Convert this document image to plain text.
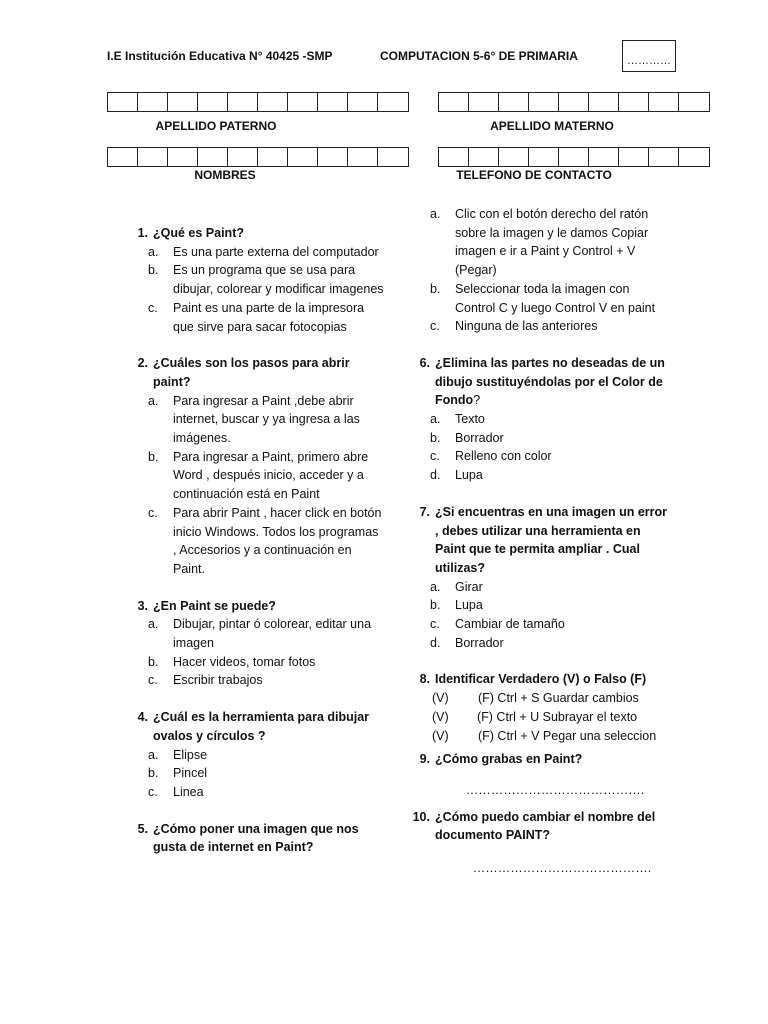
I.E Institución Educativa N° 40425 -SMP	COMPUTACION 5-6° DE PRIMARIA	…………
APELLIDO PATERNO	APELLIDO MATERNO
NOMBRES	TELEFONO DE CONTACTO
1. ¿Qué es Paint?
a. Es una parte externa del computador
b. Es un programa que se usa para dibujar, colorear y modificar imagenes
c. Paint es una parte de la impresora que sirve para sacar fotocopias
2. ¿Cuáles son los pasos para abrir paint?
a. Para ingresar a Paint ,debe abrir internet, buscar y ya ingresa a las imágenes.
b. Para ingresar a Paint, primero abre Word , después inicio, acceder y a continuación está en Paint
c. Para abrir Paint , hacer click en botón inicio Windows. Todos los programas , Accesorios y a continuación en Paint.
3. ¿En Paint se puede?
a. Dibujar, pintar ó colorear, editar una imagen
b. Hacer videos, tomar fotos
c. Escribir trabajos
4. ¿Cuál es la herramienta para dibujar ovalos y círculos ?
a. Elipse
b. Pincel
c. Linea
5. ¿Cómo poner una imagen que nos gusta de internet en Paint?
a. Clic con el botón derecho del ratón sobre la imagen y le damos Copiar imagen e ir a Paint y Control + V (Pegar)
b. Seleccionar toda la imagen con Control C y luego Control V en paint
c. Ninguna de las anteriores
6. ¿Elimina las partes no deseadas de un dibujo sustituyéndolas por el Color de Fondo?
a. Texto
b. Borrador
c. Relleno con color
d. Lupa
7. ¿Si encuentras en una imagen un error , debes utilizar una herramienta en Paint que te permita ampliar . Cual utilizas?
a. Girar
b. Lupa
c. Cambiar de tamaño
d. Borrador
8. Identificar Verdadero (V) o Falso (F)
(V) (F) Ctrl + S Guardar cambios
(V) (F) Ctrl + U Subrayar el texto
(V) (F) Ctrl + V Pegar una seleccion
9. ¿Cómo grabas en Paint?
…………………………………….
10. ¿Cómo puedo cambiar el nombre del documento PAINT?
…………………………………….
